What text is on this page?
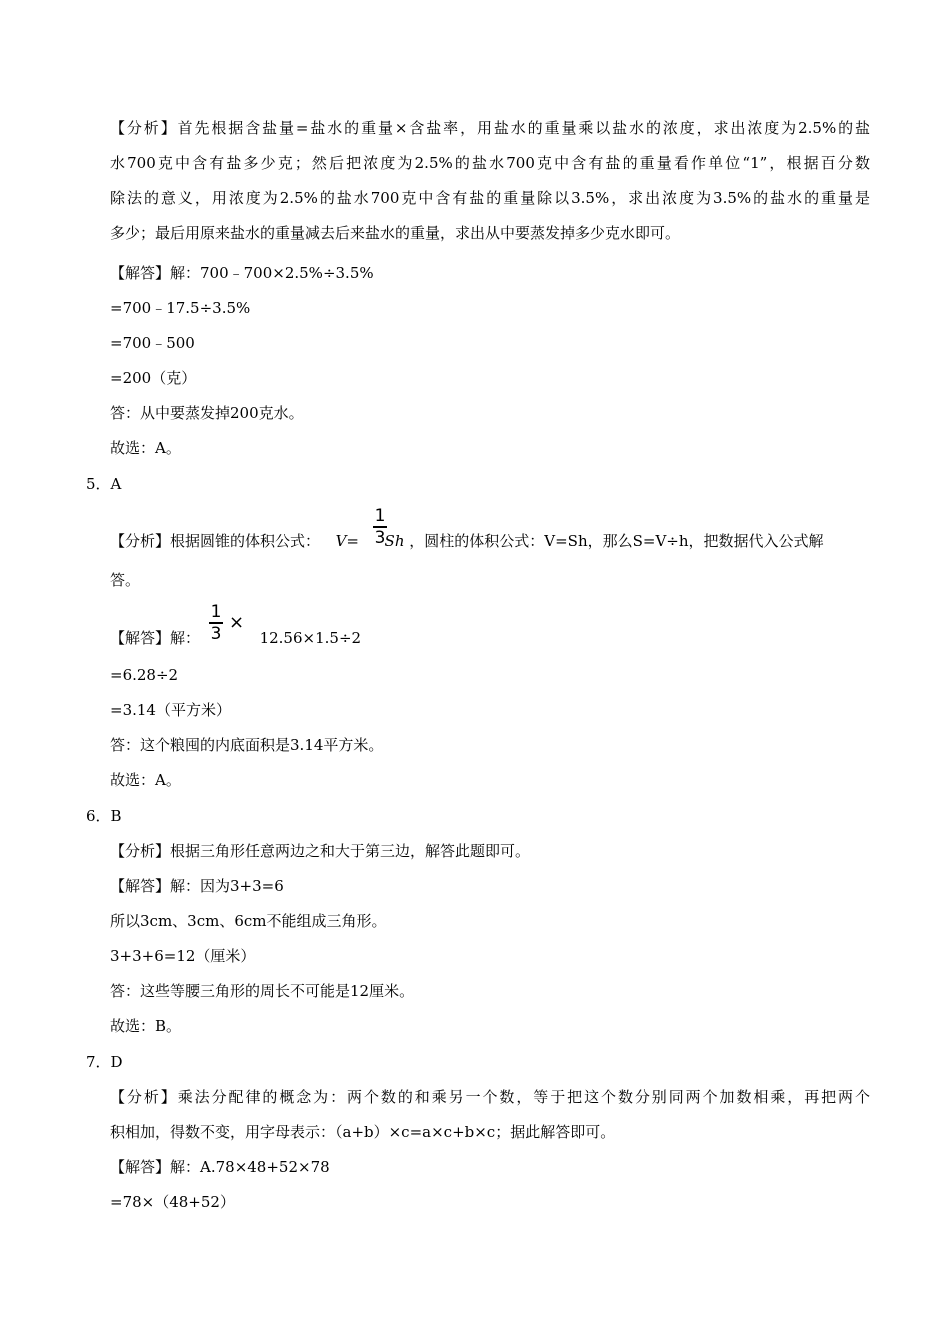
【分析】首先根据含盐量=盐水的重量×含盐率，用盐水的重量乘以盐水的浓度，求出浓度为2.5%的盐
水700克中含有盐多少克；然后把浓度为2.5%的盐水700克中含有盐的重量看作单位“1”，根据百分数
除法的意义，用浓度为2.5%的盐水700克中含有盐的重量除以3.5%，求出浓度为3.5%的盐水的重量是
多少；最后用原来盐水的重量减去后来盐水的重量，求出从中要蒸发掉多少克水即可。
【解答】解：700﹣700×2.5%÷3.5%
=700﹣17.5÷3.5%
=700﹣500
=200（克）
答：从中要蒸发掉200克水。
故选：A。
5．A
【分析】根据圆锥的体积公式： V= Sh ，圆柱的体积公式：V=Sh，那么S=V÷h，把数据代入公式解
1
3
答。
【解答】解：	12.56×1.5÷2
1
3
×
=6.28÷2
=3.14（平方米）
答：这个粮囤的内底面积是3.14平方米。
故选：A。
6．B
【分析】根据三角形任意两边之和大于第三边，解答此题即可。
【解答】解：因为3+3=6
所以3cm、3cm、6cm不能组成三角形。
3+3+6=12（厘米）
答：这些等腰三角形的周长不可能是12厘米。
故选：B。
7．D
【分析】乘法分配律的概念为：两个数的和乘另一个数，等于把这个数分别同两个加数相乘，再把两个
积相加，得数不变，用字母表示：（a+b）×c=a×c+b×c；据此解答即可。
【解答】解：A.78×48+52×78
=78×（48+52）
